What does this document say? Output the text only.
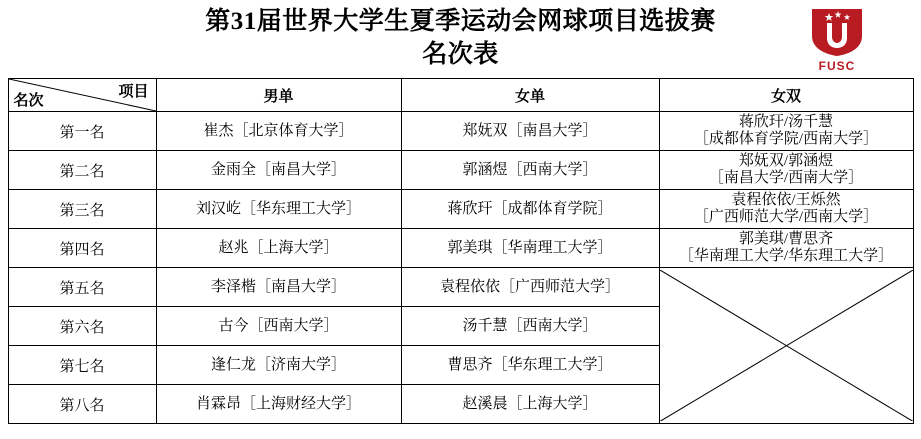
第31届世界大学生夏季运动会网球项目选拔赛
名次表	FUSC
名次
项目	男单	女单	女双
第一名	崔杰［北京体育大学］	郑妩双［南昌大学］	蒋欣玕/汤千慧
［成都体育学院/西南大学］

第二名	金雨全［南昌大学］	郭涵煜［西南大学］	郑妩双/郭涵煜
［南昌大学/西南大学］

第三名	刘汉屹［华东理工大学］	蒋欣玕［成都体育学院］	袁程依依/王烁然
［广西师范大学/西南大学］

第四名	赵兆［上海大学］	郭美琪［华南理工大学］	郭美琪/曹思齐
［华南理工大学/华东理工大学］

第五名	李泽楷［南昌大学］	袁程依依［广西师范大学］	

第六名	古今［西南大学］	汤千慧［西南大学］	
第七名	逢仁龙［济南大学］	曹思齐［华东理工大学］	
第八名	肖霖昂［上海财经大学］	赵溪晨［上海大学］	
